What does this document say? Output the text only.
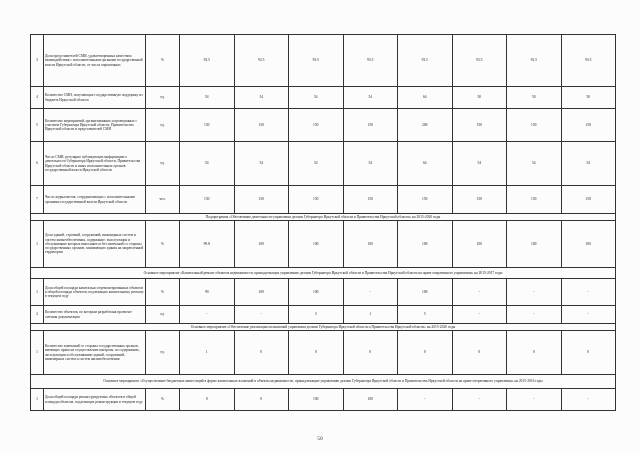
3	Доля представителей СМИ, удовлетворенных качеством взаимодействия с исполнительными органами государственной власти Иркутской области, от числа опрошенных	%	93.5	93.5	93.5	93.5	93.5	93.5	93.5	93.5
4	Количество СМИ, получающих государственную поддержку из бюджета Иркутской области	ед.	54	54	54	54	64	50	50	50
5	Количество мероприятий, организованных и проведенных с участием Губернатора Иркутской области, Правительства Иркутской области и представителей СМИ	ед.	150	150	150	150	200	150	150	150
6	Число СМИ, регулярно публикующих информацию о деятельности Губернатора Иркутской области, Правительства Иркутской области и иных исполнительных органов государственной власти Иркутской области	ед.	54	54	54	54	64	54	54	54
7	Число журналистов, сотрудничающих с исполнительными органами государственной власти Иркутской области	чел.	150	150	150	150	150	150	150	150
Подпрограмма «Обеспечение деятельности управления делами Губернатора Иркутской области и Правительства Иркутской области» на 2015-2020 годы										
1	Доля зданий, строений, сооружений, инженерных систем и систем жизнеобеспечения, содержание, эксплуатация и обслуживание которых выполняется без замечаний со стороны государственных органов, занимающих здания на закрепленной территории	%	99.8	100	100	100	100	100	100	100
Основное мероприятие «Капитальный ремонт объектов недвижимости, принадлежащих управлению делами Губернатора Иркутской области и Правительства Иркутской области на праве оперативного управления» на 2015-2017 годы										
1	Доля общей площади капитально отремонтированных объектов в общей площади объектов, подлежащих капитальному ремонту в текущем году	%	99	100	100	-	100	-	-	-
2	Количество объектов, по которым разработана проектно-сметная документация	ед.	-	-	3	1	5	-	-	-
Основное мероприятие «Обеспечение реализации полномочий управления делами Губернатора Иркутской области и Правительства Иркутской области» на 2015-2020 годы										
1	Количество замечаний со стороны государственных органов, имеющих право на осуществление контроля, по содержанию, эксплуатации и обслуживанию зданий, сооружений, инженерных систем и систем жизнеобеспечения	ед.	1	0	0	0	0	0	0	0
Основное мероприятие «Осуществление бюджетных инвестиций в форме капитальных вложений в объекты недвижимости, принадлежащие управлению делами Губернатора Иркутской области и Правительства Иркутской области на праве оперативного управления» на 2015-2016 годы										
1	Доля общей площади реконструируемых объектов в общей площади объектов, подлежащих реконструкции в текущем году	%	0	0	100	100	-	-	-	-
50
